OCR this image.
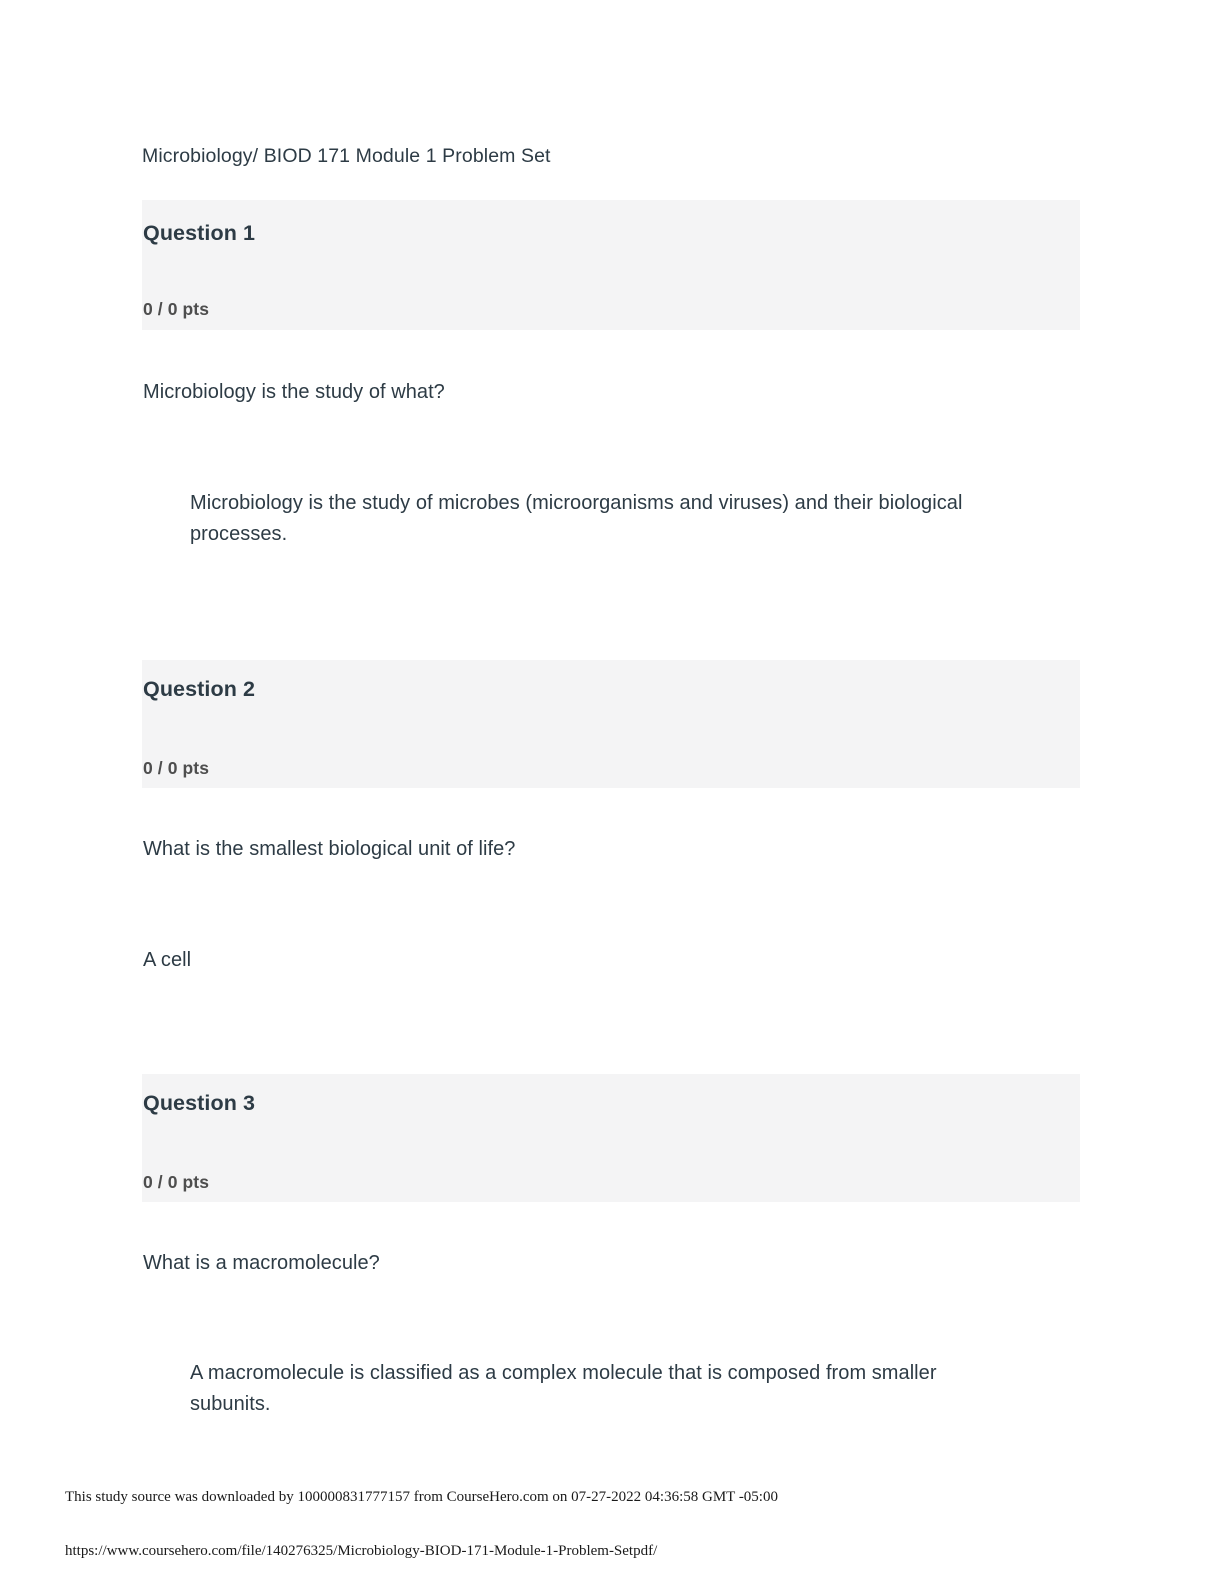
Microbiology/ BIOD 171 Module 1 Problem Set
Question 1
0 / 0 pts
Microbiology is the study of what?
Microbiology is the study of microbes (microorganisms and viruses) and their biological processes.
Question 2
0 / 0 pts
What is the smallest biological unit of life?
A cell
Question 3
0 / 0 pts
What is a macromolecule?
A macromolecule is classified as a complex molecule that is composed from smaller subunits.
This study source was downloaded by 100000831777157 from CourseHero.com on 07-27-2022 04:36:58 GMT -05:00
https://www.coursehero.com/file/140276325/Microbiology-BIOD-171-Module-1-Problem-Setpdf/
